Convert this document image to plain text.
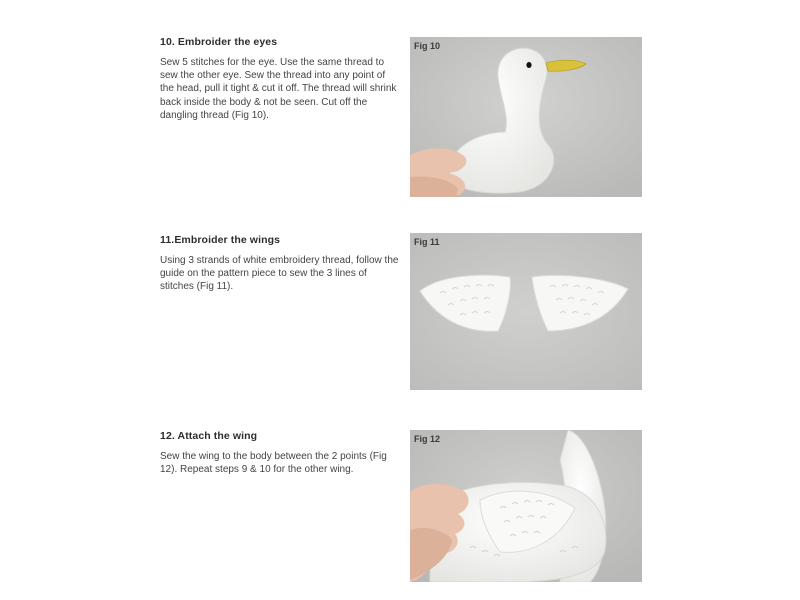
10. Embroider the eyes

Sew 5 stitches for the eye. Use the same thread to sew the other eye. Sew the thread into any point of the head, pull it tight & cut it off. The thread will shrink back inside the body & not be seen. Cut off the dangling thread (Fig 10).

Fig 10
11.Embroider the wings

Using 3 strands of white embroidery thread, follow the guide on the pattern piece to sew the 3 lines of stitches (Fig 11).

Fig 11
12. Attach the wing

Sew the wing to the body between the 2 points (Fig 12). Repeat steps 9 & 10 for the other wing.

Fig 12
